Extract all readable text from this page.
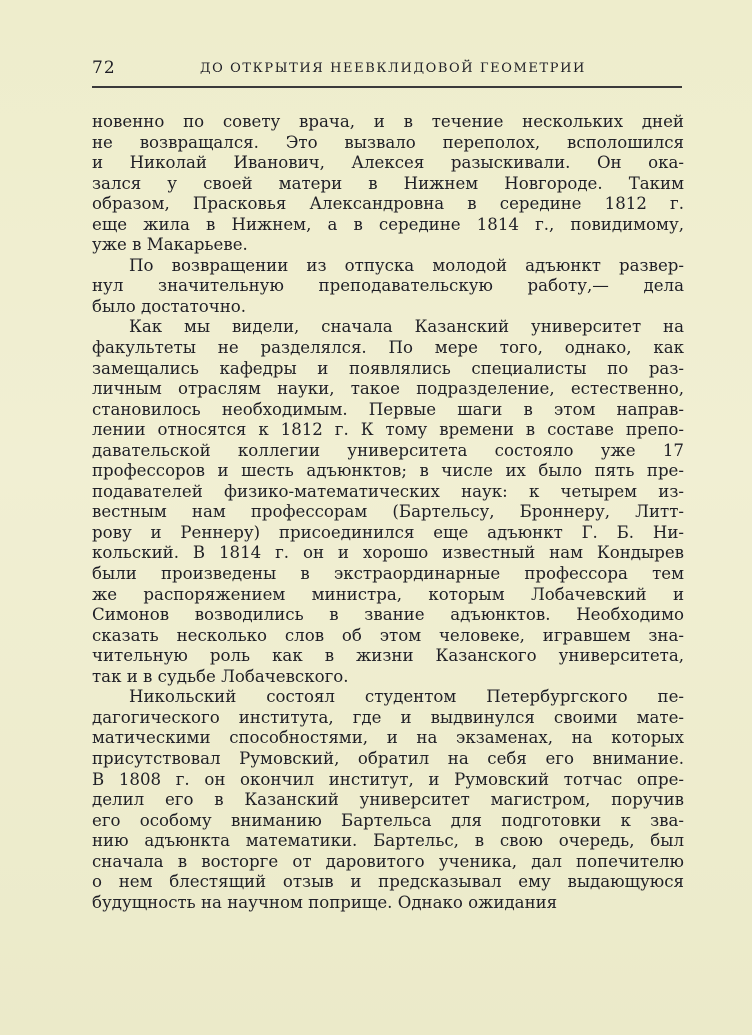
72	ДО ОТКРЫТИЯ НЕЕВКЛИДОВОЙ ГЕОМЕТРИИ
новенно по совету врача, и в течение нескольких дней
не возвращался. Это вызвало переполох, всполошился
и Николай Иванович, Алексея разыскивали. Он ока-
зался у своей матери в Нижнем Новгороде. Таким
образом, Прасковья Александровна в середине 1812 г.
еще жила в Нижнем, а в середине 1814 г., повидимому,
уже в Макарьеве.
По возвращении из отпуска молодой адъюнкт развер-
нул значительную преподавательскую работу,— дела
было достаточно.
Как мы видели, сначала Казанский университет на
факультеты не разделялся. По мере того, однако, как
замещались кафедры и появлялись специалисты по раз-
личным отраслям науки, такое подразделение, естественно,
становилось необходимым. Первые шаги в этом направ-
лении относятся к 1812 г. К тому времени в составе препо-
давательской коллегии университета состояло уже 17
профессоров и шесть адъюнктов; в числе их было пять пре-
подавателей физико-математических наук: к четырем из-
вестным нам профессорам (Бартельсу, Броннеру, Литт-
рову и Реннеру) присоединился еще адъюнкт Г. Б. Ни-
кольский. В 1814 г. он и хорошо известный нам Кондырев
были произведены в экстраординарные профессора тем
же распоряжением министра, которым Лобачевский и
Симонов возводились в звание адъюнктов. Необходимо
сказать несколько слов об этом человеке, игравшем зна-
чительную роль как в жизни Казанского университета,
так и в судьбе Лобачевского.
Никольский состоял студентом Петербургского пе-
дагогического института, где и выдвинулся своими мате-
матическими способностями, и на экзаменах, на которых
присутствовал Румовский, обратил на себя его внимание.
В 1808 г. он окончил институт, и Румовский тотчас опре-
делил его в Казанский университет магистром, поручив
его особому вниманию Бартельса для подготовки к зва-
нию адъюнкта математики. Бартельс, в свою очередь, был
сначала в восторге от даровитого ученика, дал попечителю
о нем блестящий отзыв и предсказывал ему выдающуюся
будущность на научном поприще. Однако ожидания
